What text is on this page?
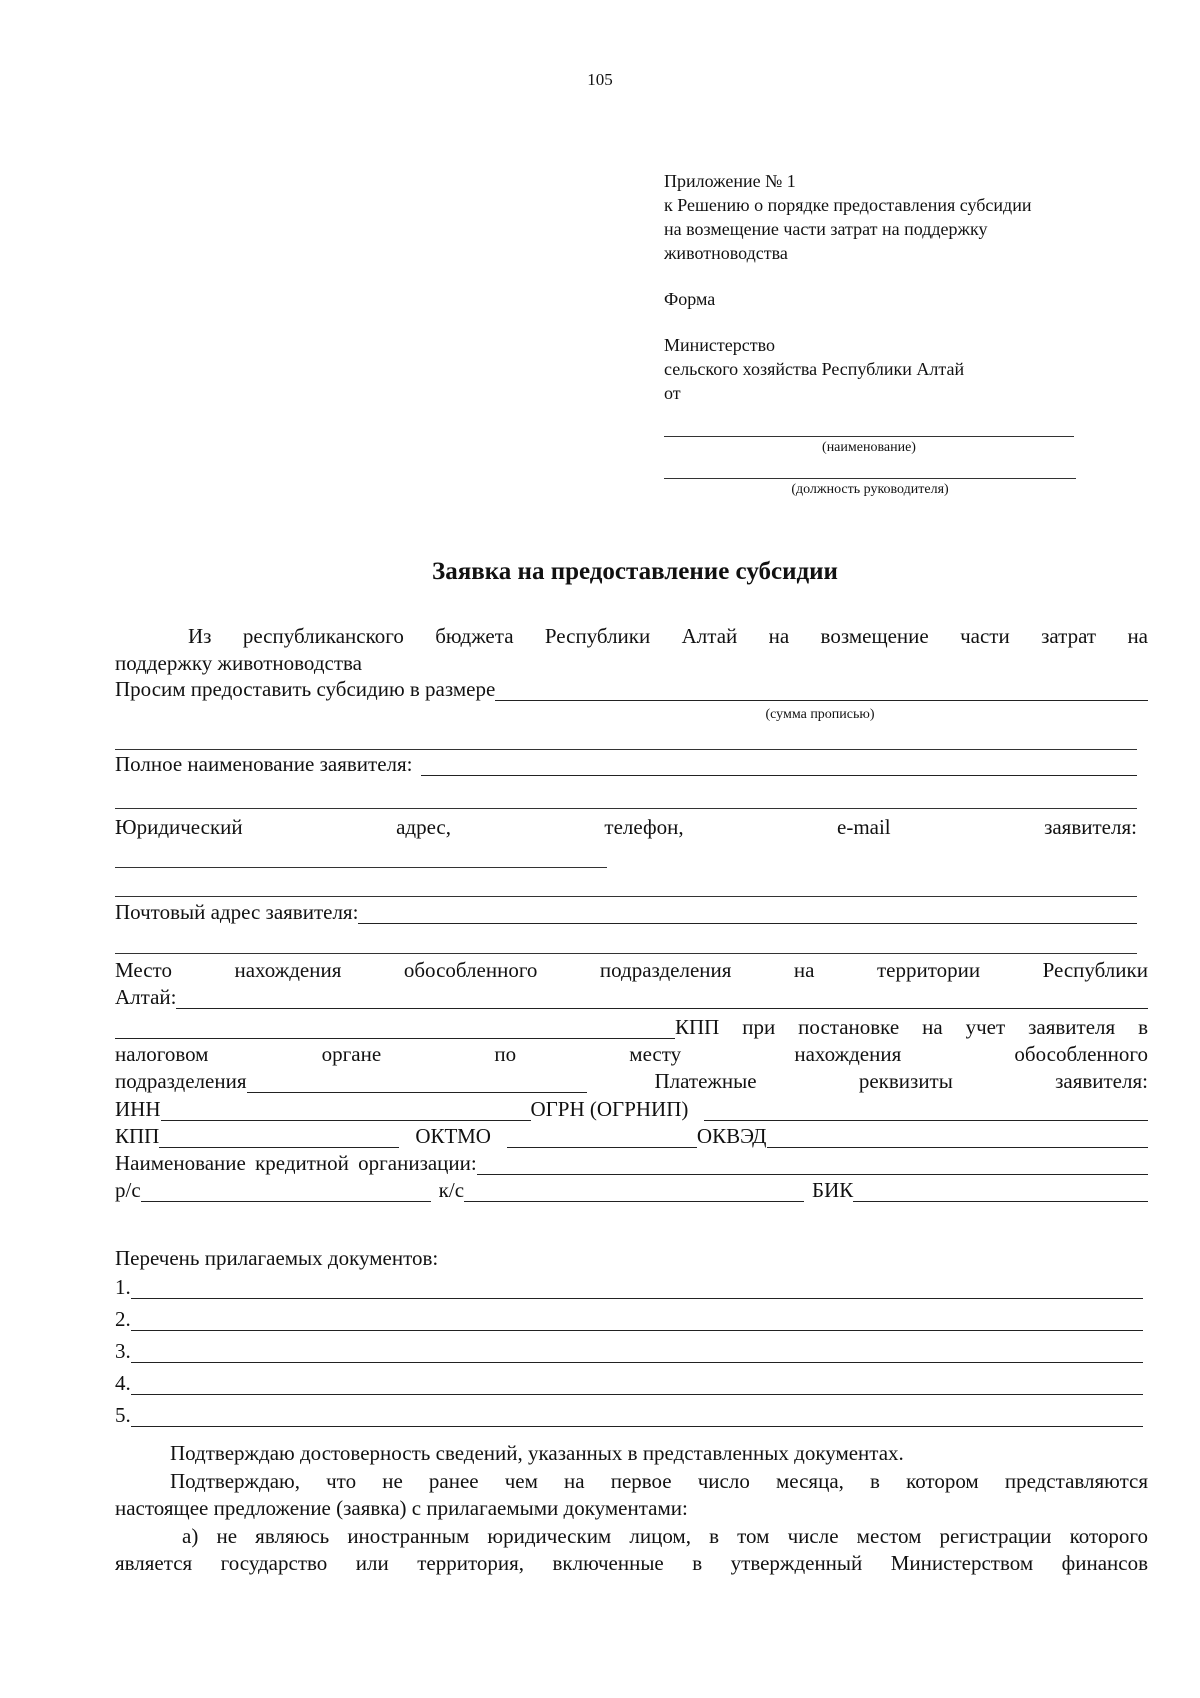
105
Приложение № 1
к Решению о порядке предоставления субсидии
на возмещение части затрат на поддержку
животноводства
Форма
Министерство
сельского хозяйства Республики Алтай
от
(наименование)
(должность руководителя)
Заявка на предоставление субсидии
Из республиканского бюджета Республики Алтай на возмещение части затрат на
поддержку животноводства
Просим предоставить субсидию в размере
(сумма прописью)
Полное наименование заявителя:
Юридический	адрес,	телефон,	e-mail	заявителя:
Почтовый адрес заявителя:
Место	нахождения	обособленного	подразделения	на	территории	Республики
Алтай:
КПП при постановке на учет заявителя в
налоговом	органе	по	месту	нахождения	обособленного
подразделения	Платежные	реквизиты	заявителя:
ИНН	ОГРН (ОГРНИП)
КПП	ОКТМО	ОКВЭД
Наименование кредитной организации:
р/с	к/с	БИК
Перечень прилагаемых документов:
1.
2.
3.
4.
5.
Подтверждаю достоверность сведений, указанных в представленных документах.
Подтверждаю, что не ранее чем на первое число месяца, в котором представляются
настоящее предложение (заявка) с прилагаемыми документами:
а) не являюсь иностранным юридическим лицом, в том числе местом регистрации которого
является государство или территория, включенные в утвержденный Министерством финансов
